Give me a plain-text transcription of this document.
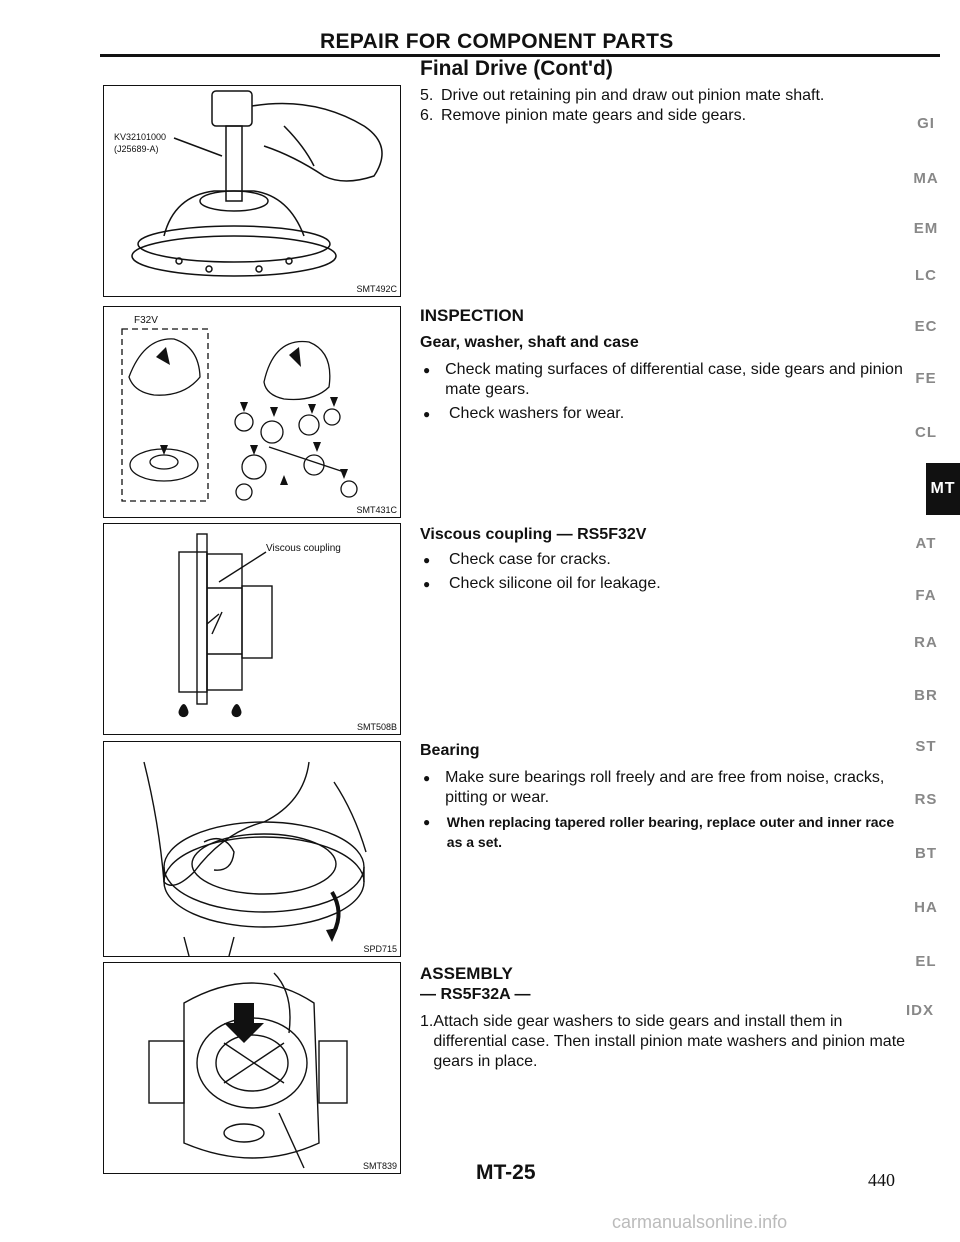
REPAIR FOR COMPONENT PARTS
Final Drive (Cont'd)
5. Drive out retaining pin and draw out pinion mate shaft.
6. Remove pinion mate gears and side gears.
INSPECTION
Gear, washer, shaft and case
● Check mating surfaces of differential case, side gears and pinion mate gears.
●	Check washers for wear.
Viscous coupling — RS5F32V
●	Check case for cracks.
●	Check silicone oil for leakage.
Bearing
● Make sure bearings roll freely and are free from noise, cracks, pitting or wear.
●	When replacing tapered roller bearing, replace outer and inner race as a set.
ASSEMBLY
— RS5F32A —
1. Attach side gear washers to side gears and install them in differential case. Then install pinion mate washers and pinion mate gears in place.
KV32101000
(J25689-A)
SMT492C
F32V
SMT431C
Viscous coupling
SMT508B
SPD715
SMT839
GI
MA
EM
LC
EC
FE
CL
MT
AT
FA
RA
BR
ST
RS
BT
HA
EL
IDX
MT-25	440
carmanualsonline.info
